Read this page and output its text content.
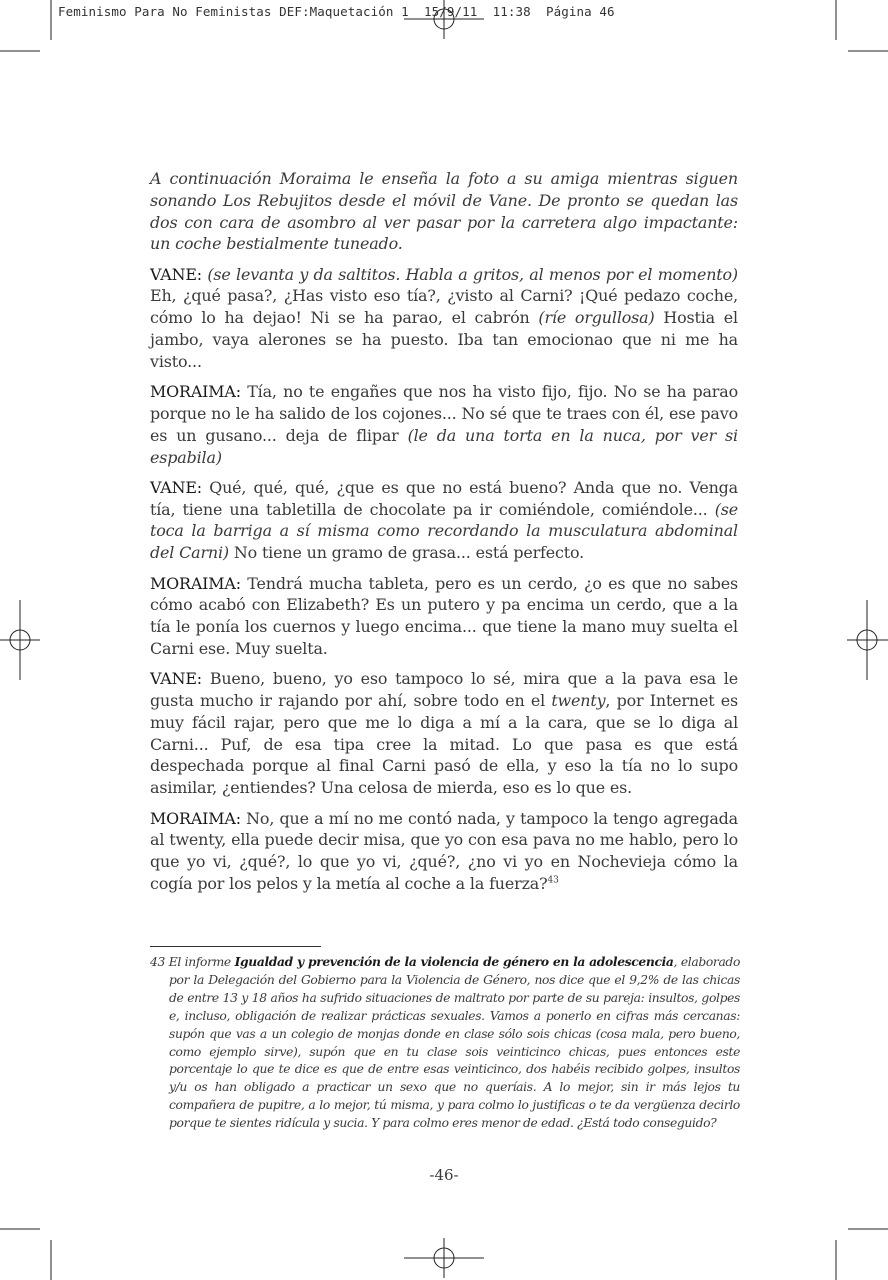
Feminismo Para No Feministas DEF:Maquetación 1  15/9/11  11:38  Página 46

A continuación Moraima le enseña la foto a su amiga mientras siguen sonando Los Rebujitos desde el móvil de Vane. De pronto se quedan las dos con cara de asombro al ver pasar por la carretera algo impactante: un coche bestialmente tuneado.

VANE: (se levanta y da saltitos. Habla a gritos, al menos por el momento) Eh, ¿qué pasa?, ¿Has visto eso tía?, ¿visto al Carni? ¡Qué pedazo coche, cómo lo ha dejao! Ni se ha parao, el cabrón (ríe orgullosa) Hostia el jambo, vaya alerones se ha puesto. Iba tan emocionao que ni me ha visto...

MORAIMA: Tía, no te engañes que nos ha visto fijo, fijo. No se ha parao porque no le ha salido de los cojones... No sé que te traes con él, ese pavo es un gusano... deja de flipar (le da una torta en la nuca, por ver si espabila)

VANE: Qué, qué, qué, ¿que es que no está bueno? Anda que no. Venga tía, tiene una tabletilla de chocolate pa ir comiéndole, comiéndole... (se toca la barriga a sí misma como recordando la musculatura abdominal del Carni) No tiene un gramo de grasa... está perfecto.

MORAIMA: Tendrá mucha tableta, pero es un cerdo, ¿o es que no sabes cómo acabó con Elizabeth? Es un putero y pa encima un cerdo, que a la tía le ponía los cuernos y luego encima... que tiene la mano muy suelta el Carni ese. Muy suelta.

VANE: Bueno, bueno, yo eso tampoco lo sé, mira que a la pava esa le gusta mucho ir rajando por ahí, sobre todo en el twenty, por Internet es muy fácil rajar, pero que me lo diga a mí a la cara, que se lo diga al Carni... Puf, de esa tipa cree la mitad. Lo que pasa es que está despechada porque al final Carni pasó de ella, y eso la tía no lo supo asimilar, ¿entiendes? Una celosa de mierda, eso es lo que es.

MORAIMA: No, que a mí no me contó nada, y tampoco la tengo agregada al twenty, ella puede decir misa, que yo con esa pava no me hablo, pero lo que yo vi, ¿qué?, lo que yo vi, ¿qué?, ¿no vi yo en Nochevieja cómo la cogía por los pelos y la metía al coche a la fuerza?$^{43}$

43 El informe Igualdad y prevención de la violencia de género en la adolescencia, elaborado por la Delegación del Gobierno para la Violencia de Género, nos dice que el 9,2% de las chicas de entre 13 y 18 años ha sufrido situaciones de maltrato por parte de su pareja: insultos, golpes e, incluso, obligación de realizar prácticas sexuales. Vamos a ponerlo en cifras más cercanas: supón que vas a un colegio de monjas donde en clase sólo sois chicas (cosa mala, pero bueno, como ejemplo sirve), supón que en tu clase sois veinticinco chicas, pues entonces este porcentaje lo que te dice es que de entre esas veinticinco, dos habéis recibido golpes, insultos y/u os han obligado a practicar un sexo que no queríais. A lo mejor, sin ir más lejos tu compañera de pupitre, a lo mejor, tú misma, y para colmo lo justificas o te da vergüenza decirlo porque te sientes ridícula y sucia. Y para colmo eres menor de edad. ¿Está todo conseguido?
-46-
